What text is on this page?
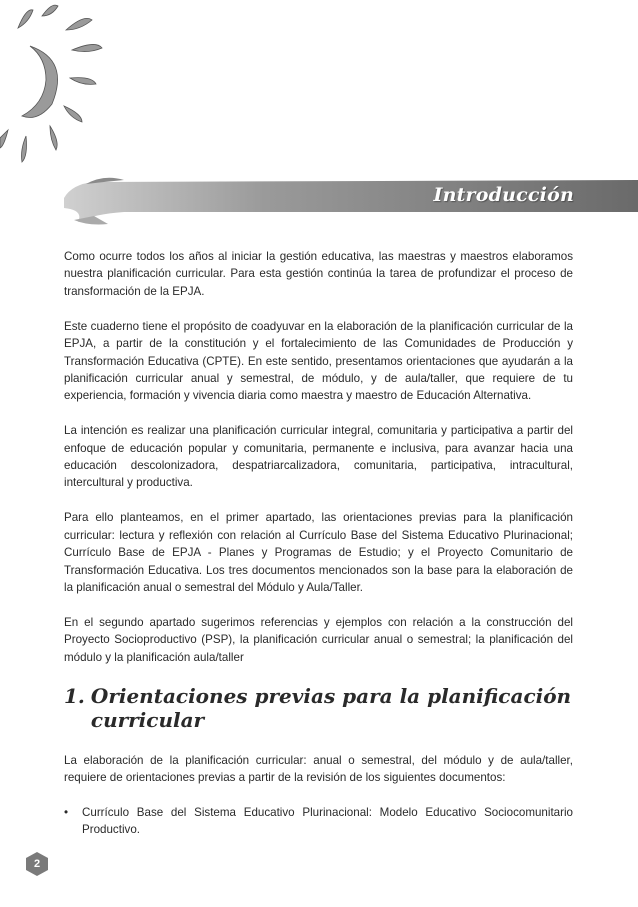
Introducción

Como ocurre todos los años al iniciar la gestión educativa, las maestras y maestros elaboramos nuestra planificación curricular. Para esta gestión continúa la tarea de profundizar el proceso de transformación de la EPJA.

Este cuaderno tiene el propósito de coadyuvar en la elaboración de la planificación curricular de la EPJA, a partir de la constitución y el fortalecimiento de las Comunidades de Producción y Transformación Educativa (CPTE). En este sentido, presentamos orientaciones que ayudarán a la planificación curricular anual y semestral, de módulo, y de aula/taller, que requiere de tu experiencia, formación y vivencia diaria como maestra y maestro de Educación Alternativa.

La intención es realizar una planificación curricular integral, comunitaria y participativa a partir del enfoque de educación popular y comunitaria, permanente e inclusiva, para avanzar hacia una educación descolonizadora, despatriarcalizadora, comunitaria, participativa, intracultural, intercultural y productiva.

Para ello planteamos, en el primer apartado, las orientaciones previas para la planificación curricular: lectura y reflexión con relación al Currículo Base del Sistema Educativo Plurinacional; Currículo Base de EPJA - Planes y Programas de Estudio; y el Proyecto Comunitario de Transformación Educativa. Los tres documentos mencionados son la base para la elaboración de la planificación anual o semestral del Módulo y Aula/Taller.

En el segundo apartado sugerimos referencias y ejemplos con relación a la construcción del Proyecto Socioproductivo (PSP), la planificación curricular anual o semestral; la planificación del módulo y la planificación aula/taller

1. Orientaciones previas para la planificación curricular

La elaboración de la planificación curricular: anual o semestral, del módulo y de aula/taller, requiere de orientaciones previas a partir de la revisión de los siguientes documentos:

•	Currículo Base del Sistema Educativo Plurinacional: Modelo Educativo Sociocomunitario Productivo.
2
